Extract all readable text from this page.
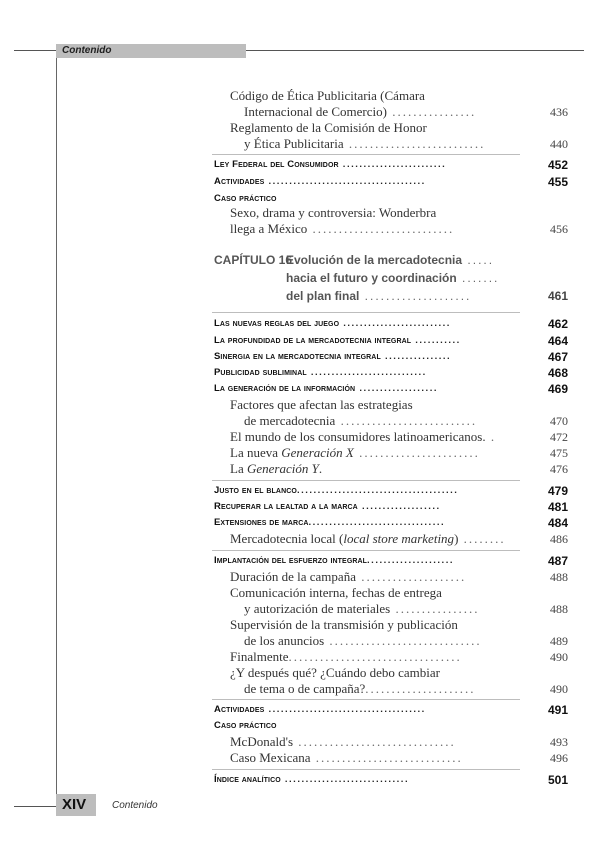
Contenido
Código de Ética Publicitaria (Cámara
Internacional de Comercio) ................	436
Reglamento de la Comisión de Honor
y Ética Publicitaria ..........................	440
Ley Federal del Consumidor .........................	452
Actividades ......................................	455
Caso práctico
Sexo, drama y controversia: Wonderbra
llega a México ...........................	456
CAPÍTULO 16
Evolución de la mercadotecnia .....
hacia el futuro y coordinación .......
del plan final ....................	461
Las nuevas reglas del juego ..........................	462
La profundidad de la mercadotecnia integral ...........	464
Sinergia en la mercadotecnia integral ................	467
Publicidad subliminal ............................	468
La generación de la información ...................	469
Factores que afectan las estrategias
de mercadotecnia ..........................	470
El mundo de los consumidores latinoamericanos. .	472
La nueva Generación X .......................	475
La Generación Y.	476
Justo en el blanco.......................................	479
Recuperar la lealtad a la marca ...................	481
Extensiones de marca.................................	484
Mercadotecnia local (local store marketing) ........	486
Implantación del esfuerzo integral.....................	487
Duración de la campaña ....................	488
Comunicación interna, fechas de entrega
y autorización de materiales ................	488
Supervisión de la transmisión y publicación
de los anuncios .............................	489
Finalmente.................................	490
¿Y después qué? ¿Cuándo debo cambiar
de tema o de campaña?.....................	490
Actividades ......................................	491
Caso práctico
McDonald's ..............................	493
Caso Mexicana ............................	496
Índice analítico ..............................	501
XIV	Contenido
